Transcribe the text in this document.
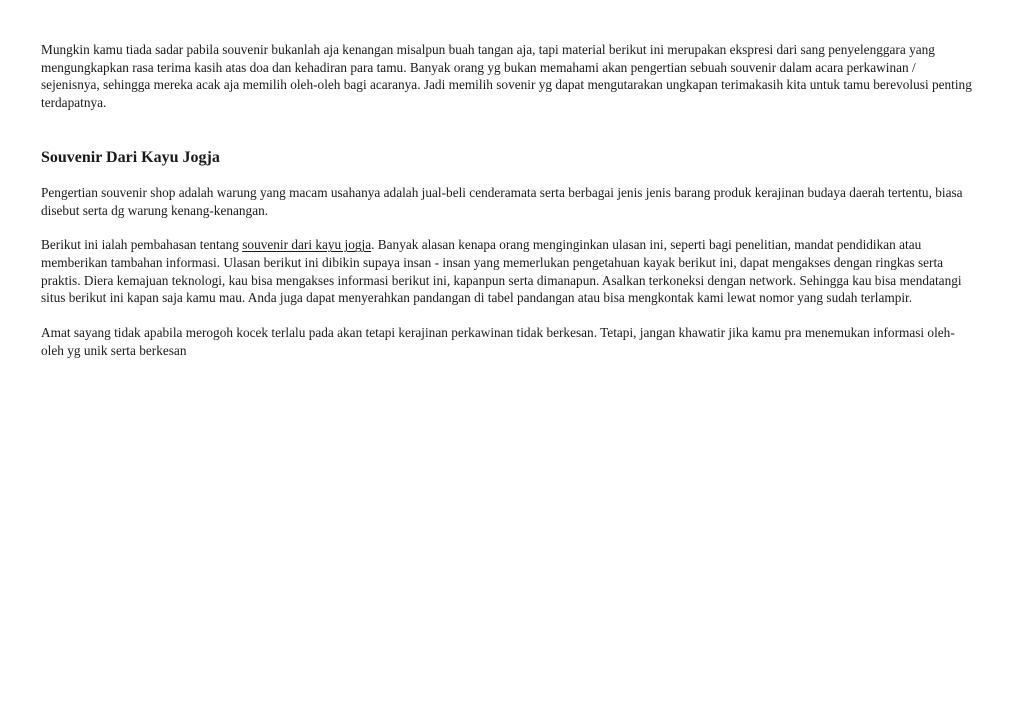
Mungkin kamu tiada sadar pabila souvenir bukanlah aja kenangan misalpun buah tangan aja, tapi material berikut ini merupakan ekspresi dari sang penyelenggara yang mengungkapkan rasa terima kasih atas doa dan kehadiran para tamu. Banyak orang yg bukan memahami akan pengertian sebuah souvenir dalam acara perkawinan / sejenisnya, sehingga mereka acak aja memilih oleh-oleh bagi acaranya. Jadi memilih sovenir yg dapat mengutarakan ungkapan terimakasih kita untuk tamu berevolusi penting terdapatnya.

Souvenir Dari Kayu Jogja

Pengertian souvenir shop adalah warung yang macam usahanya adalah jual-beli cenderamata serta berbagai jenis jenis barang produk kerajinan budaya daerah tertentu, biasa disebut serta dg warung kenang-kenangan.

Berikut ini ialah pembahasan tentang souvenir dari kayu jogja. Banyak alasan kenapa orang menginginkan ulasan ini, seperti bagi penelitian, mandat pendidikan atau memberikan tambahan informasi. Ulasan berikut ini dibikin supaya insan - insan yang memerlukan pengetahuan kayak berikut ini, dapat mengakses dengan ringkas serta praktis. Diera kemajuan teknologi, kau bisa mengakses informasi berikut ini, kapanpun serta dimanapun. Asalkan terkoneksi dengan network. Sehingga kau bisa mendatangi situs berikut ini kapan saja kamu mau. Anda juga dapat menyerahkan pandangan di tabel pandangan atau bisa mengkontak kami lewat nomor yang sudah terlampir.

Amat sayang tidak apabila merogoh kocek terlalu pada akan tetapi kerajinan perkawinan tidak berkesan. Tetapi, jangan khawatir jika kamu pra menemukan informasi oleh-oleh yg unik serta berkesan
